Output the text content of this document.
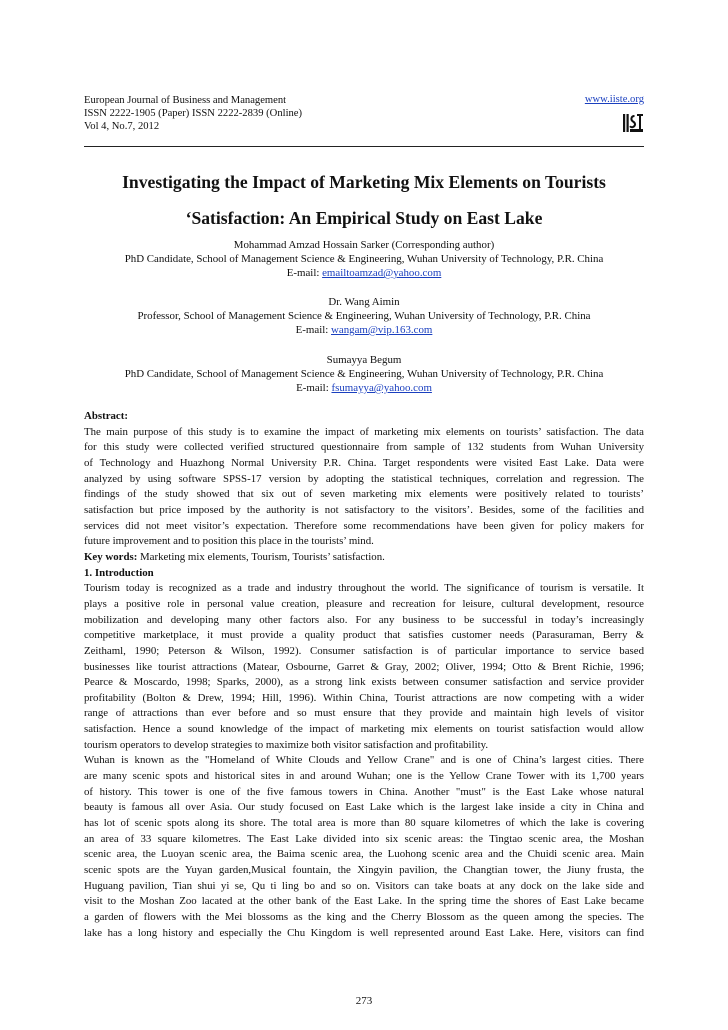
European Journal of Business and Management
ISSN 2222-1905 (Paper) ISSN 2222-2839 (Online)
Vol 4, No.7, 2012
www.iiste.org
Investigating the Impact of Marketing Mix Elements on Tourists
‘Satisfaction: An Empirical Study on East Lake
Mohammad Amzad Hossain Sarker (Corresponding author)
PhD Candidate, School of Management Science & Engineering, Wuhan University of Technology, P.R. China
E-mail: emailtoamzad@yahoo.com
Dr. Wang Aimin
Professor, School of Management Science & Engineering, Wuhan University of Technology, P.R. China
E-mail: wangam@vip.163.com
Sumayya Begum
PhD Candidate, School of Management Science & Engineering, Wuhan University of Technology, P.R. China
E-mail: fsumayya@yahoo.com
Abstract:
The main purpose of this study is to examine the impact of marketing mix elements on tourists’ satisfaction. The data
for this study were collected verified structured questionnaire from sample of 132 students from Wuhan University
of Technology and Huazhong Normal University P.R. China. Target respondents were visited East Lake. Data were
analyzed by using software SPSS-17 version by adopting the statistical techniques, correlation and regression. The
findings of the study showed that six out of seven marketing mix elements were positively related to tourists’
satisfaction but price imposed by the authority is not satisfactory to the visitors’. Besides, some of the facilities and
services did not meet visitor’s expectation. Therefore some recommendations have been given for policy makers for
future improvement and to position this place in the tourists’ mind.
Key words: Marketing mix elements, Tourism, Tourists’ satisfaction.
1. Introduction
Tourism today is recognized as a trade and industry throughout the world. The significance of tourism is versatile. It
plays a positive role in personal value creation, pleasure and recreation for leisure, cultural development, resource
mobilization and developing many other factors also. For any business to be successful in today’s increasingly
competitive marketplace, it must provide a quality product that satisfies customer needs (Parasuraman, Berry &
Zeithaml, 1990; Peterson & Wilson, 1992). Consumer satisfaction is of particular importance to service based
businesses like tourist attractions (Matear, Osbourne, Garret & Gray, 2002; Oliver, 1994; Otto & Brent Richie, 1996;
Pearce & Moscardo, 1998; Sparks, 2000), as a strong link exists between consumer satisfaction and service provider
profitability (Bolton & Drew, 1994; Hill, 1996). Within China, Tourist attractions are now competing with a wider
range of attractions than ever before and so must ensure that they provide and maintain high levels of visitor
satisfaction. Hence a sound knowledge of the impact of marketing mix elements on tourist satisfaction would allow
tourism operators to develop strategies to maximize both visitor satisfaction and profitability.
Wuhan is known as the "Homeland of White Clouds and Yellow Crane" and is one of China’s largest cities. There
are many scenic spots and historical sites in and around Wuhan; one is the Yellow Crane Tower with its 1,700 years
of history. This tower is one of the five famous towers in China. Another "must" is the East Lake whose natural
beauty is famous all over Asia. Our study focused on East Lake which is the largest lake inside a city in China and
has lot of scenic spots along its shore. The total area is more than 80 square kilometres of which the lake is covering
an area of 33 square kilometres. The East Lake divided into six scenic areas: the Tingtao scenic area, the Moshan
scenic area, the Luoyan scenic area, the Baima scenic area, the Luohong scenic area and the Chuidi scenic area. Main
scenic spots are the Yuyan garden,Musical fountain, the Xingyin pavilion, the Changtian tower, the Jiuny frusta, the
Huguang pavilion, Tian shui yi se, Qu ti ling bo and so on. Visitors can take boats at any dock on the lake side and
visit to the Moshan Zoo lacated at the other bank of the East Lake. In the spring time the shores of East Lake became
a garden of flowers with the Mei blossoms as the king and the Cherry Blossom as the queen among the species. The
lake has a long history and especially the Chu Kingdom is well represented around East Lake. Here, visitors can find
273
